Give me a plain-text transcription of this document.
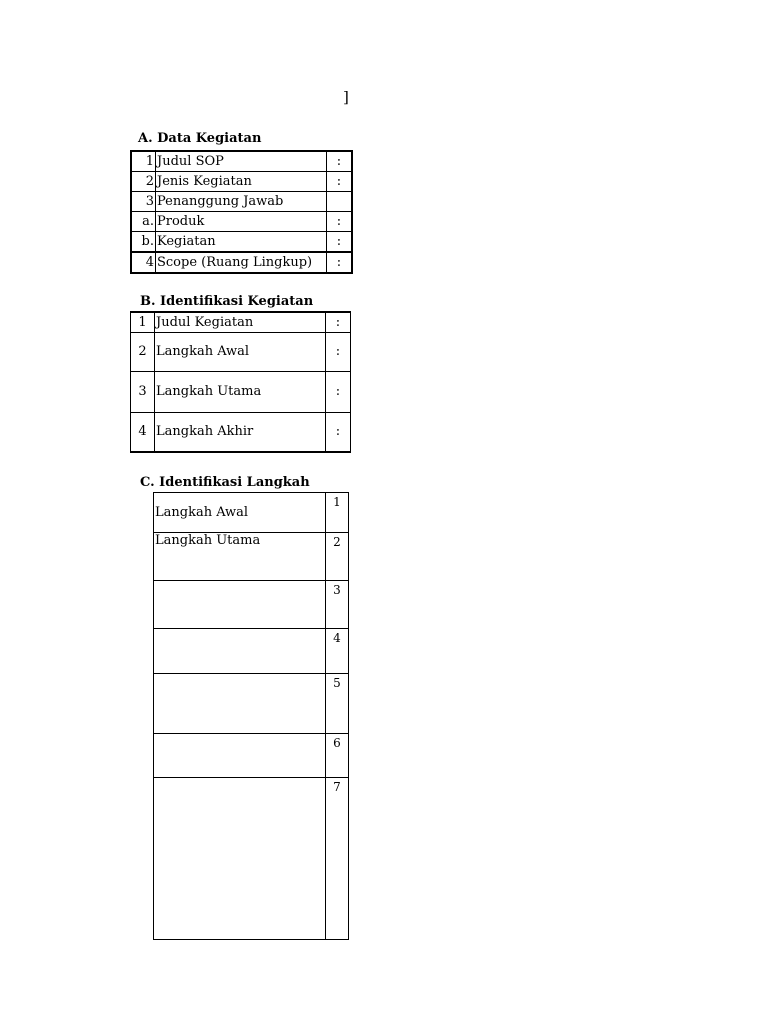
]
A. Data Kegiatan
1	Judul SOP	:
2	Jenis Kegiatan	:
3	Penanggung Jawab	
a.	Produk	:
b.	Kegiatan	:
4	Scope (Ruang Lingkup)	:
B. Identifikasi Kegiatan
1	Judul Kegiatan	:
2	Langkah Awal	:
3	Langkah Utama	:
4	Langkah Akhir	:
C. Identifikasi Langkah
Langkah Awal	1
Langkah Utama	2
	3
	4
	5
	6
	7
